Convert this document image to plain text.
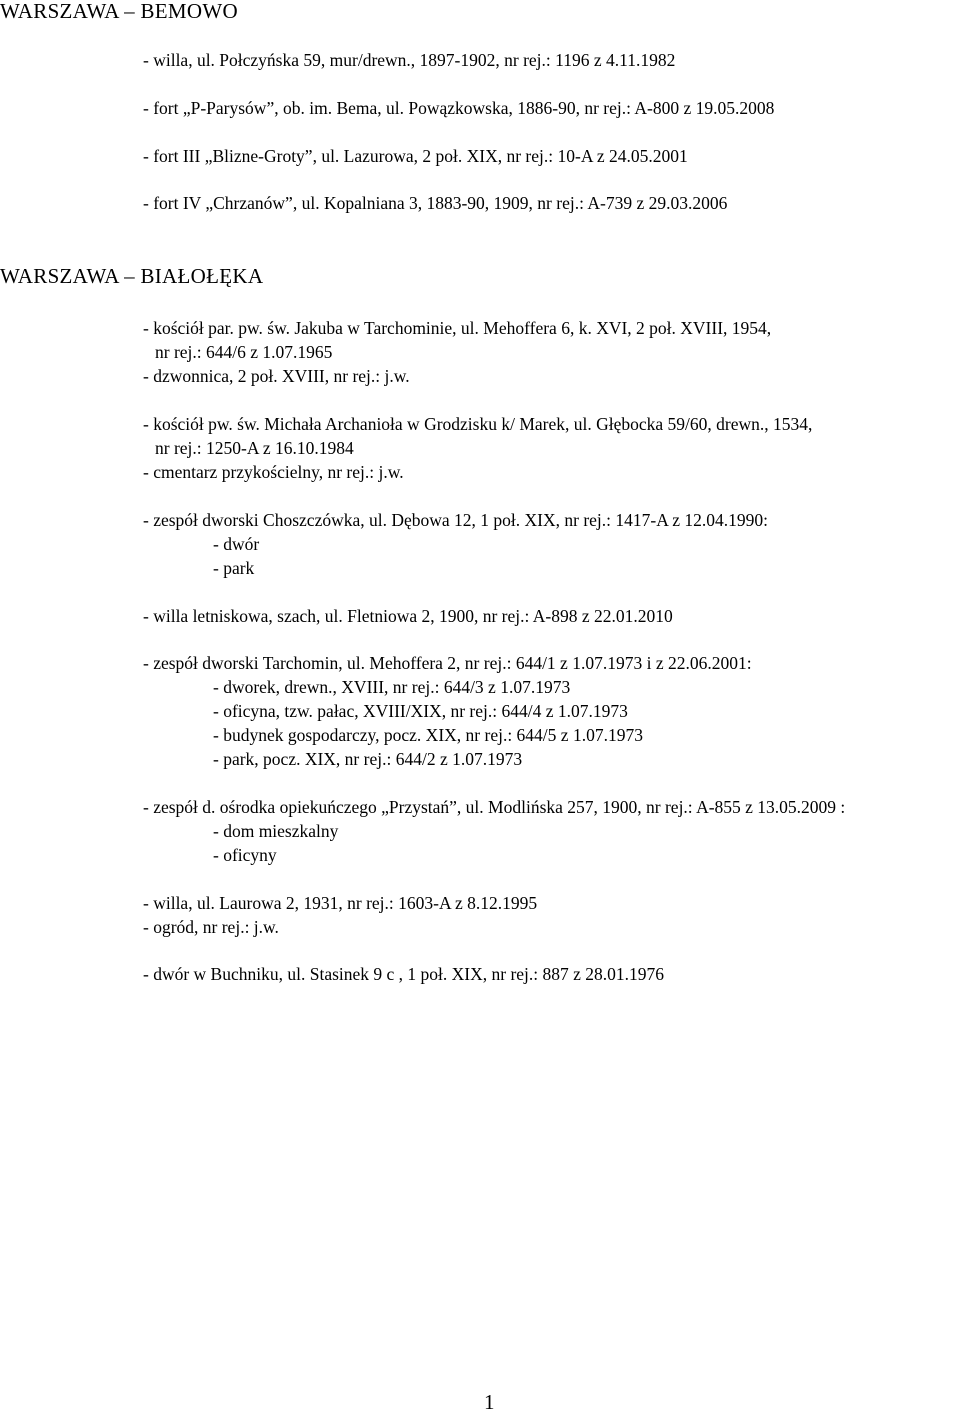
WARSZAWA – BEMOWO
- willa, ul. Połczyńska 59, mur/drewn., 1897-1902, nr rej.: 1196 z 4.11.1982
- fort „P-Parysów”, ob. im. Bema, ul. Powązkowska, 1886-90, nr rej.: A-800 z 19.05.2008
- fort III „Blizne-Groty”, ul. Lazurowa, 2 poł. XIX, nr rej.: 10-A z 24.05.2001
- fort IV „Chrzanów”, ul. Kopalniana 3, 1883-90, 1909, nr rej.: A-739 z 29.03.2006
WARSZAWA – BIAŁOŁĘKA
- kościół par. pw. św. Jakuba w Tarchominie, ul. Mehoffera 6, k. XVI, 2 poł. XVIII, 1954,
nr rej.: 644/6 z 1.07.1965
- dzwonnica, 2 poł. XVIII, nr rej.: j.w.
- kościół pw. św. Michała Archanioła w Grodzisku k/ Marek, ul. Głębocka 59/60, drewn., 1534,
nr rej.: 1250-A z 16.10.1984
- cmentarz przykościelny, nr rej.: j.w.
- zespół dworski Choszczówka, ul. Dębowa 12, 1 poł. XIX, nr rej.: 1417-A z 12.04.1990:
- dwór
- park
- willa letniskowa, szach, ul. Fletniowa 2, 1900, nr rej.: A-898 z 22.01.2010
- zespół dworski Tarchomin, ul. Mehoffera 2, nr rej.: 644/1 z 1.07.1973 i z 22.06.2001:
- dworek, drewn., XVIII, nr rej.: 644/3 z 1.07.1973
- oficyna, tzw. pałac, XVIII/XIX, nr rej.: 644/4 z 1.07.1973
- budynek gospodarczy, pocz. XIX, nr rej.: 644/5 z 1.07.1973
- park, pocz. XIX, nr rej.: 644/2 z 1.07.1973
- zespół d. ośrodka opiekuńczego „Przystań”, ul. Modlińska 257, 1900, nr rej.: A-855 z 13.05.2009 :
- dom mieszkalny
- oficyny
- willa, ul. Laurowa 2, 1931, nr rej.: 1603-A z 8.12.1995
- ogród, nr rej.: j.w.
- dwór w Buchniku, ul. Stasinek 9 c , 1 poł. XIX, nr rej.: 887 z 28.01.1976
1
